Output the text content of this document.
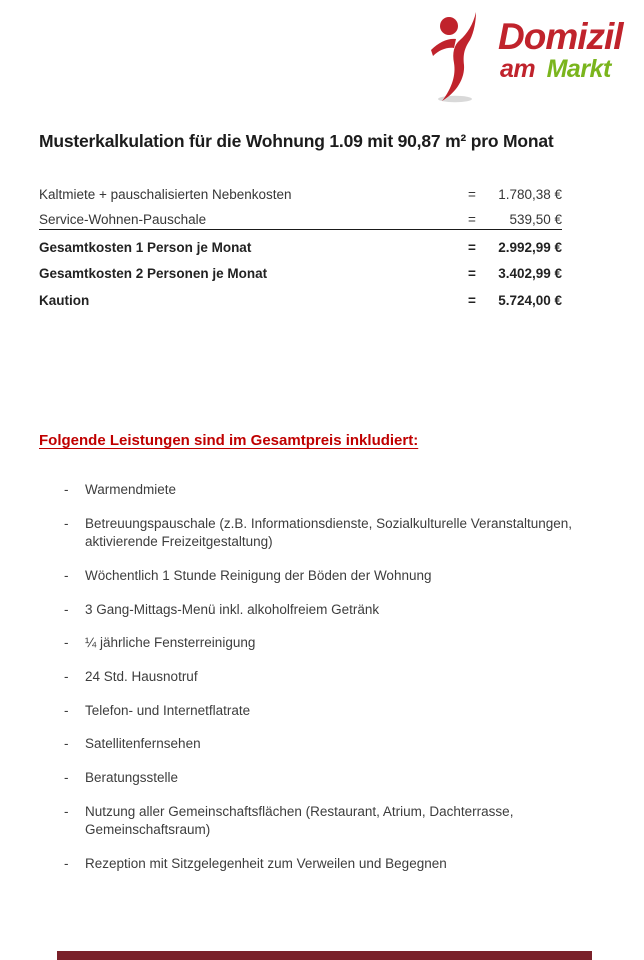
Domizil
am Markt
Musterkalkulation für die Wohnung 1.09 mit 90,87 m² pro Monat
Kaltmiete + pauschalisierten Nebenkosten	=	1.780,38 €
Service-Wohnen-Pauschale	=	539,50 €
Gesamtkosten 1 Person je Monat	=	2.992,99 €
Gesamtkosten 2 Personen je Monat	=	3.402,99 €
Kaution	=	5.724,00 €
Folgende Leistungen sind im Gesamtpreis inkludiert:
-	Warmendmiete
-	Betreuungspauschale (z.B. Informationsdienste, Sozialkulturelle Veranstaltungen, aktivierende Freizeitgestaltung)
-	Wöchentlich 1 Stunde Reinigung der Böden der Wohnung
-	3 Gang-Mittags-Menü inkl. alkoholfreiem Getränk
-	¼ jährliche Fensterreinigung
-	24 Std. Hausnotruf
-	Telefon- und Internetflatrate
-	Satellitenfernsehen
-	Beratungsstelle
-	Nutzung aller Gemeinschaftsflächen (Restaurant, Atrium, Dachterrasse, Gemeinschaftsraum)
-	Rezeption mit Sitzgelegenheit zum Verweilen und Begegnen
